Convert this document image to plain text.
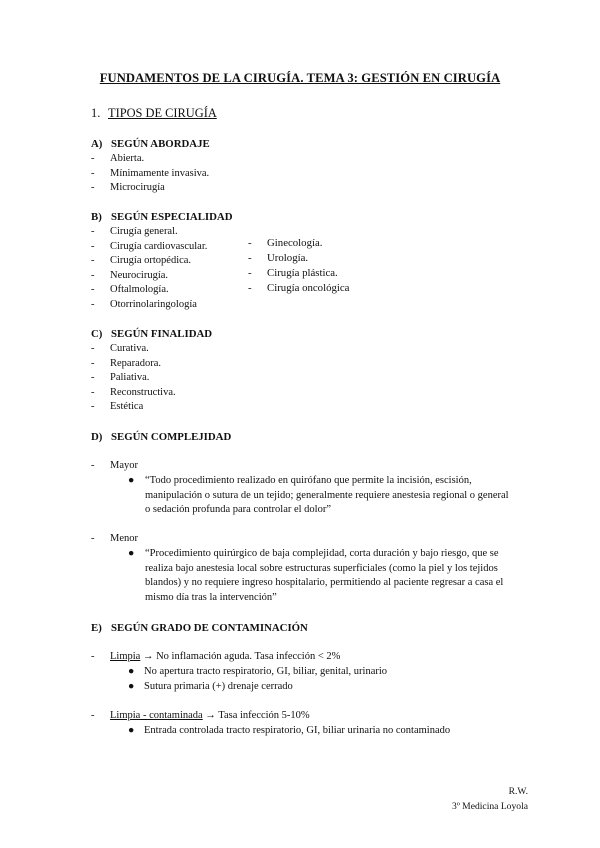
FUNDAMENTOS DE LA CIRUGÍA. TEMA 3: GESTIÓN EN CIRUGÍA
1. TIPOS DE CIRUGÍA
A) SEGÚN ABORDAJE
- Abierta.
- Mínimamente invasiva.
- Microcirugía
B) SEGÚN ESPECIALIDAD
- Cirugía general.
- Cirugía cardiovascular.
- Cirugía ortopédica.
- Neurocirugía.
- Oftalmología.
- Otorrinolaringología
- Ginecología.
- Urología.
- Cirugía plástica.
- Cirugía oncológica
C) SEGÚN FINALIDAD
- Curativa.
- Reparadora.
- Paliativa.
- Reconstructiva.
- Estética
D) SEGÚN COMPLEJIDAD
- Mayor
●	“Todo procedimiento realizado en quirófano que permite la incisión, escisión, manipulación o sutura de un tejido; generalmente requiere anestesia regional o general o sedación profunda para controlar el dolor”
- Menor
●	“Procedimiento quirúrgico de baja complejidad, corta duración y bajo riesgo, que se realiza bajo anestesia local sobre estructuras superficiales (como la piel y los tejidos blandos) y no requiere ingreso hospitalario, permitiendo al paciente regresar a casa el mismo día tras la intervención”
E) SEGÚN GRADO DE CONTAMINACIÓN
- Limpia → No inflamación aguda. Tasa infección < 2%
● No apertura tracto respiratorio, GI, biliar, genital, urinario
● Sutura primaria (+) drenaje cerrado
- Limpia - contaminada → Tasa infección 5-10%
● Entrada controlada tracto respiratorio, GI, biliar urinaria no contaminado
R.W.
3º Medicina Loyola
